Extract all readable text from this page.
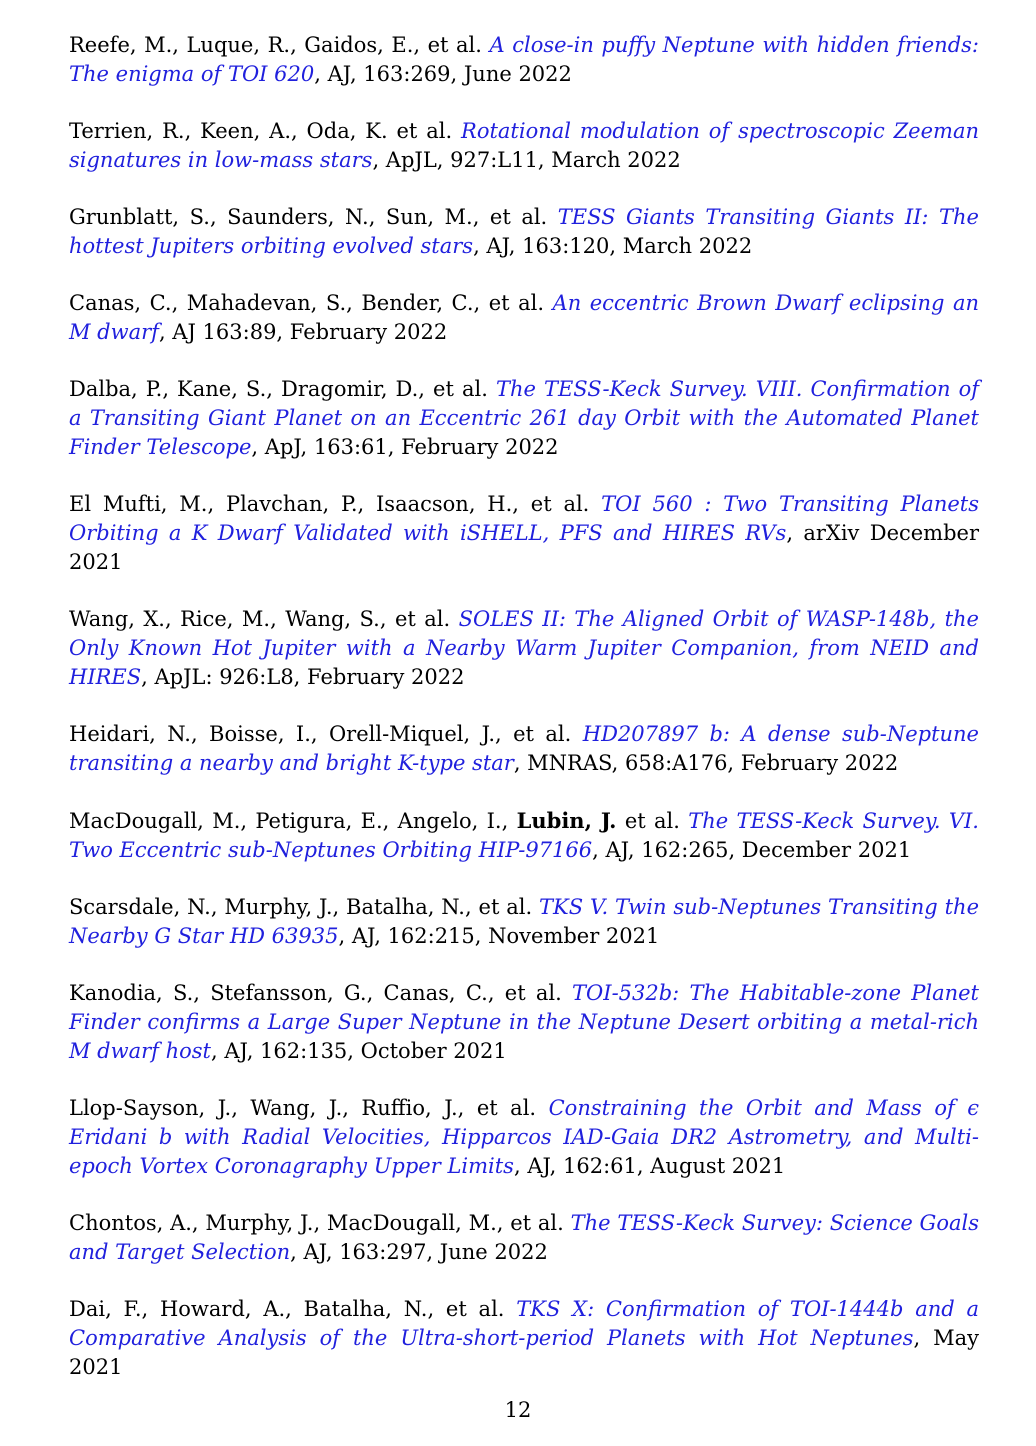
Reefe, M., Luque, R., Gaidos, E., et al. A close-in puffy Neptune with hidden friends: The enigma of TOI 620, AJ, 163:269, June 2022

Terrien, R., Keen, A., Oda, K. et al. Rotational modulation of spectroscopic Zeeman signatures in low-mass stars, ApJL, 927:L11, March 2022

Grunblatt, S., Saunders, N., Sun, M., et al. TESS Giants Transiting Giants II: The hottest Jupiters orbiting evolved stars, AJ, 163:120, March 2022

Canas, C., Mahadevan, S., Bender, C., et al. An eccentric Brown Dwarf eclipsing an M dwarf, AJ 163:89, February 2022

Dalba, P., Kane, S., Dragomir, D., et al. The TESS-Keck Survey. VIII. Confirmation of a Transiting Giant Planet on an Eccentric 261 day Orbit with the Automated Planet Finder Telescope, ApJ, 163:61, February 2022

El Mufti, M., Plavchan, P., Isaacson, H., et al. TOI 560 : Two Transiting Planets Orbiting a K Dwarf Validated with iSHELL, PFS and HIRES RVs, arXiv December 2021

Wang, X., Rice, M., Wang, S., et al. SOLES II: The Aligned Orbit of WASP-148b, the Only Known Hot Jupiter with a Nearby Warm Jupiter Companion, from NEID and HIRES, ApJL: 926:L8, February 2022

Heidari, N., Boisse, I., Orell-Miquel, J., et al. HD207897 b: A dense sub-Neptune transiting a nearby and bright K-type star, MNRAS, 658:A176, February 2022

MacDougall, M., Petigura, E., Angelo, I., Lubin, J. et al. The TESS-Keck Survey. VI. Two Eccentric sub-Neptunes Orbiting HIP-97166, AJ, 162:265, December 2021

Scarsdale, N., Murphy, J., Batalha, N., et al. TKS V. Twin sub-Neptunes Transiting the Nearby G Star HD 63935, AJ, 162:215, November 2021

Kanodia, S., Stefansson, G., Canas, C., et al. TOI-532b: The Habitable-zone Planet Finder confirms a Large Super Neptune in the Neptune Desert orbiting a metal-rich M dwarf host, AJ, 162:135, October 2021

Llop-Sayson, J., Wang, J., Ruffio, J., et al. Constraining the Orbit and Mass of ϵ Eridani b with Radial Velocities, Hipparcos IAD-Gaia DR2 Astrometry, and Multi-epoch Vortex Coronagraphy Upper Limits, AJ, 162:61, August 2021

Chontos, A., Murphy, J., MacDougall, M., et al. The TESS-Keck Survey: Science Goals and Target Selection, AJ, 163:297, June 2022

Dai, F., Howard, A., Batalha, N., et al. TKS X: Confirmation of TOI-1444b and a Comparative Analysis of the Ultra-short-period Planets with Hot Neptunes, May 2021

12
